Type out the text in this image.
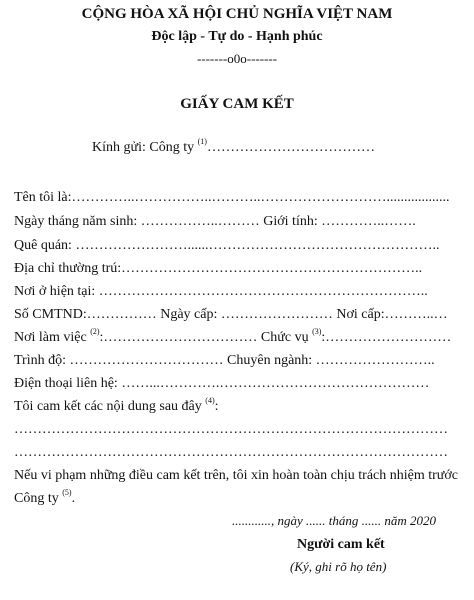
CỘNG HÒA XÃ HỘI CHỦ NGHĨA VIỆT NAM
Độc lập - Tự do - Hạnh phúc
-------o0o-------
GIẤY CAM KẾT
Kính gửi: Công ty $^{(1)}$………………………………
Tên tôi là:…………..……………..………..………………………..................
Ngày tháng năm sinh: ……………..……… Giới tính: …………..…….
Quê quán: ……………………......…………………………………………..
Địa chỉ thường trú:………………………………………………………..
Nơi ở hiện tại: ……………………………………………………………..
Số CMTND:…………… Ngày cấp: …………………… Nơi cấp:………..…
Nơi làm việc $^{(2)}$:…………………………… Chức vụ $^{(3)}$:………………………
Trình độ: …………………………… Chuyên ngành: ……………………..
Điện thoại liên hệ: ……...………….………………………………………
Tôi cam kết các nội dung sau đây $^{(4)}$:
…………………………………………………………………………………
…………………………………………………………………………………
Nếu vi phạm những điều cam kết trên, tôi xin hoàn toàn chịu trách nhiệm trước
Công ty $^{(5)}$.
............, ngày ...... tháng ...... năm 2020
Người cam kết
(Ký, ghi rõ họ tên)
